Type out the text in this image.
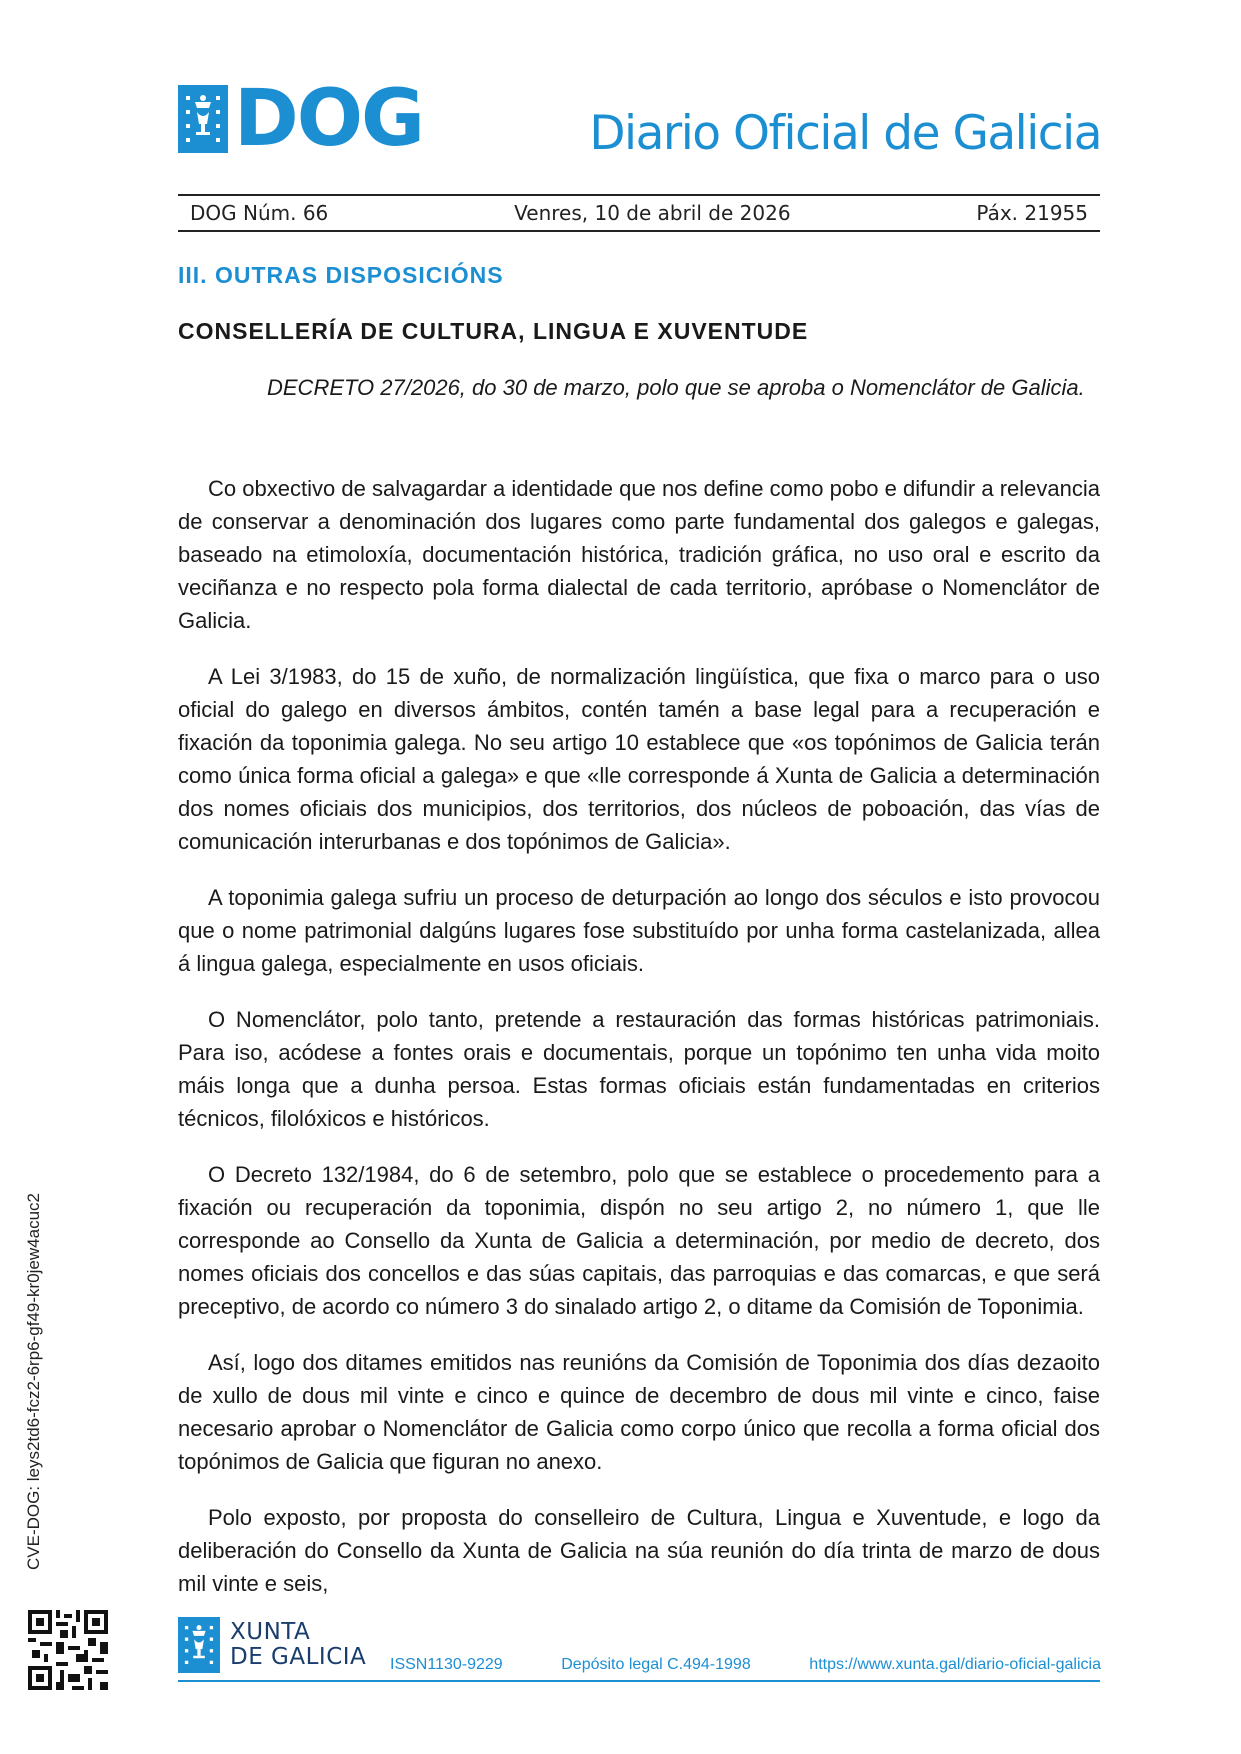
DOG	Diario Oficial de Galicia
DOG Núm. 66	Venres, 10 de abril de 2026	Páx. 21955
III. OUTRAS DISPOSICIÓNS
CONSELLERÍA DE CULTURA, LINGUA E XUVENTUDE
DECRETO 27/2026, do 30 de marzo, polo que se aproba o Nomenclátor de Galicia.

Co obxectivo de salvagardar a identidade que nos define como pobo e difundir a relevancia de conservar a denominación dos lugares como parte fundamental dos galegos e galegas, baseado na etimoloxía, documentación histórica, tradición gráfica, no uso oral e escrito da veciñanza e no respecto pola forma dialectal de cada territorio, apróbase o Nomenclátor de Galicia.

A Lei 3/1983, do 15 de xuño, de normalización lingüística, que fixa o marco para o uso oficial do galego en diversos ámbitos, contén tamén a base legal para a recuperación e fixación da toponimia galega. No seu artigo 10 establece que «os topónimos de Galicia terán como única forma oficial a galega» e que «lle corresponde á Xunta de Galicia a determinación dos nomes oficiais dos municipios, dos territorios, dos núcleos de poboación, das vías de comunicación interurbanas e dos topónimos de Galicia».

A toponimia galega sufriu un proceso de deturpación ao longo dos séculos e isto provocou que o nome patrimonial dalgúns lugares fose substituído por unha forma castelanizada, allea á lingua galega, especialmente en usos oficiais.

O Nomenclátor, polo tanto, pretende a restauración das formas históricas patrimoniais. Para iso, acódese a fontes orais e documentais, porque un topónimo ten unha vida moito máis longa que a dunha persoa. Estas formas oficiais están fundamentadas en criterios técnicos, filolóxicos e históricos.

O Decreto 132/1984, do 6 de setembro, polo que se establece o procedemento para a fixación ou recuperación da toponimia, dispón no seu artigo 2, no número 1, que lle corresponde ao Consello da Xunta de Galicia a determinación, por medio de decreto, dos nomes oficiais dos concellos e das súas capitais, das parroquias e das comarcas, e que será preceptivo, de acordo co número 3 do sinalado artigo 2, o ditame da Comisión de Toponimia.

Así, logo dos ditames emitidos nas reunións da Comisión de Toponimia dos días dezaoito de xullo de dous mil vinte e cinco e quince de decembro de dous mil vinte e cinco, faise necesario aprobar o Nomenclátor de Galicia como corpo único que recolla a forma oficial dos topónimos de Galicia que figuran no anexo.

Polo exposto, por proposta do conselleiro de Cultura, Lingua e Xuventude, e logo da deliberación do Consello da Xunta de Galicia na súa reunión do día trinta de marzo de dous mil vinte e seis,

CVE-DOG: leys2td6-fcz2-6rp6-gf49-kr0jew4acuc2
XUNTA
DE GALICIA ISSN1130-9229	Depósito legal C.494-1998	https://www.xunta.gal/diario-oficial-galicia
